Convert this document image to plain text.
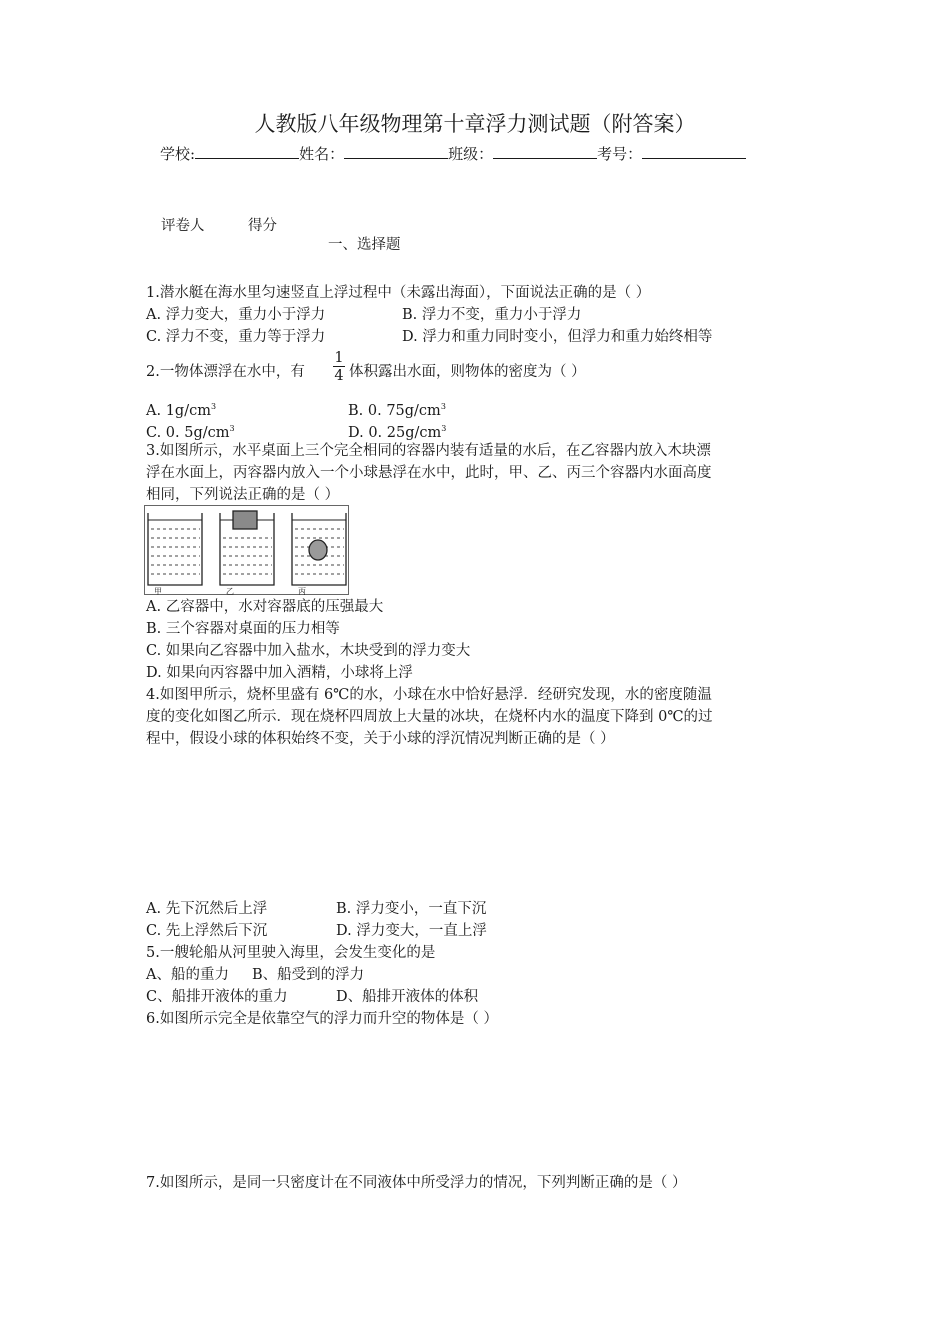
人教版八年级物理第十章浮力测试题（附答案）
学校:	姓名：	班级：	考号：
评卷人	得分
一、选择题
1.潜水艇在海水里匀速竖直上浮过程中（未露出海面），下面说法正确的是（ ）
A. 浮力变大，重力小于浮力	B. 浮力不变，重力小于浮力
C. 浮力不变，重力等于浮力	D. 浮力和重力同时变小，但浮力和重力始终相等
2.一物体漂浮在水中，有
1
4 体积露出水面，则物体的密度为（ ）
A. $1g/cm^3$	B. 0. $75g/cm^3$
C. 0. $5g/cm^3$	D. 0. $25g/cm^3$
3.如图所示，水平桌面上三个完全相同的容器内装有适量的水后，在乙容器内放入木块漂
浮在水面上，丙容器内放入一个小球悬浮在水中，此时，甲、乙、丙三个容器内水面高度
相同，下列说法正确的是（ ）
甲	乙	丙
A. 乙容器中，水对容器底的压强最大
B. 三个容器对桌面的压力相等
C. 如果向乙容器中加入盐水，木块受到的浮力变大
D. 如果向丙容器中加入酒精，小球将上浮
4.如图甲所示，烧杯里盛有 6℃的水，小球在水中恰好悬浮．经研究发现，水的密度随温
度的变化如图乙所示．现在烧杯四周放上大量的冰块，在烧杯内水的温度下降到 0℃的过
程中，假设小球的体积始终不变，关于小球的浮沉情况判断正确的是（ ）
A. 先下沉然后上浮	B. 浮力变小，一直下沉
C. 先上浮然后下沉	D. 浮力变大，一直上浮
5.一艘轮船从河里驶入海里，会发生变化的是
A、船的重力 B、船受到的浮力
C、船排开液体的重力	D、船排开液体的体积
6.如图所示完全是依靠空气的浮力而升空的物体是（ ）
7.如图所示，是同一只密度计在不同液体中所受浮力的情况，下列判断正确的是（ ）
